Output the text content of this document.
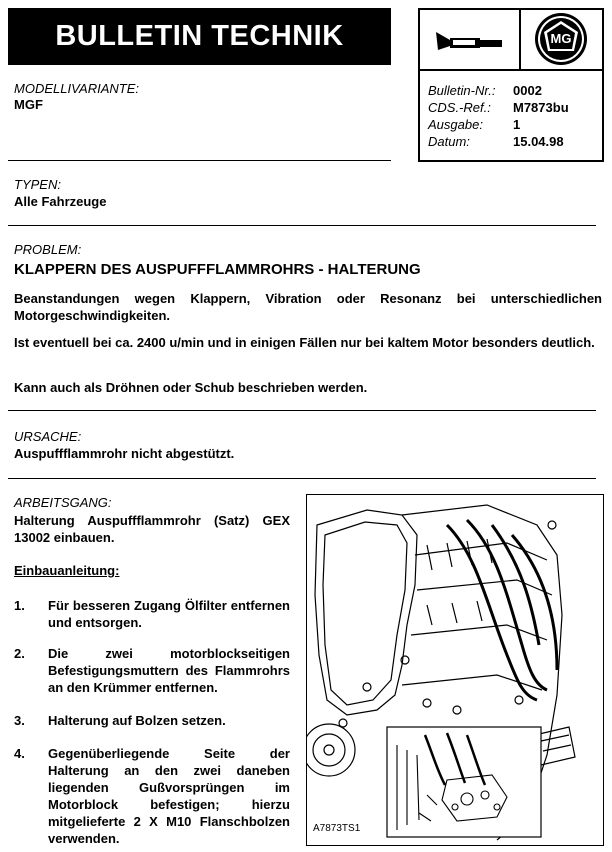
BULLETIN TECHNIK
MODELLIVARIANTE:
MGF
MG
Bulletin-Nr.: 0002
CDS.-Ref.: M7873bu
Ausgabe: 1
Datum:	15.04.98
TYPEN:
Alle Fahrzeuge
PROBLEM:
KLAPPERN DES AUSPUFFFLAMMROHRS - HALTERUNG
Beanstandungen wegen Klappern, Vibration oder Resonanz bei unterschiedlichen Motorgeschwindigkeiten.
Ist eventuell bei ca. 2400 u/min und in einigen Fällen nur bei kaltem Motor besonders deutlich.
Kann auch als Dröhnen oder Schub beschrieben werden.
URSACHE:
Auspuffflammrohr nicht abgestützt.
ARBEITSGANG:
Halterung Auspuffflammrohr (Satz) GEX 13002 einbauen.
Einbauanleitung:
1. Für besseren Zugang Ölfilter entfernen und entsorgen.
2. Die zwei motorblockseitigen Befestigungsmuttern des Flammrohrs an den Krümmer entfernen.
3. Halterung auf Bolzen setzen.
4. Gegenüberliegende Seite der Halterung an den zwei daneben liegenden Gußvorsprüngen im Motorblock befestigen; hierzu mitgelieferte 2 X M10 Flanschbolzen verwenden.
A7873TS1
